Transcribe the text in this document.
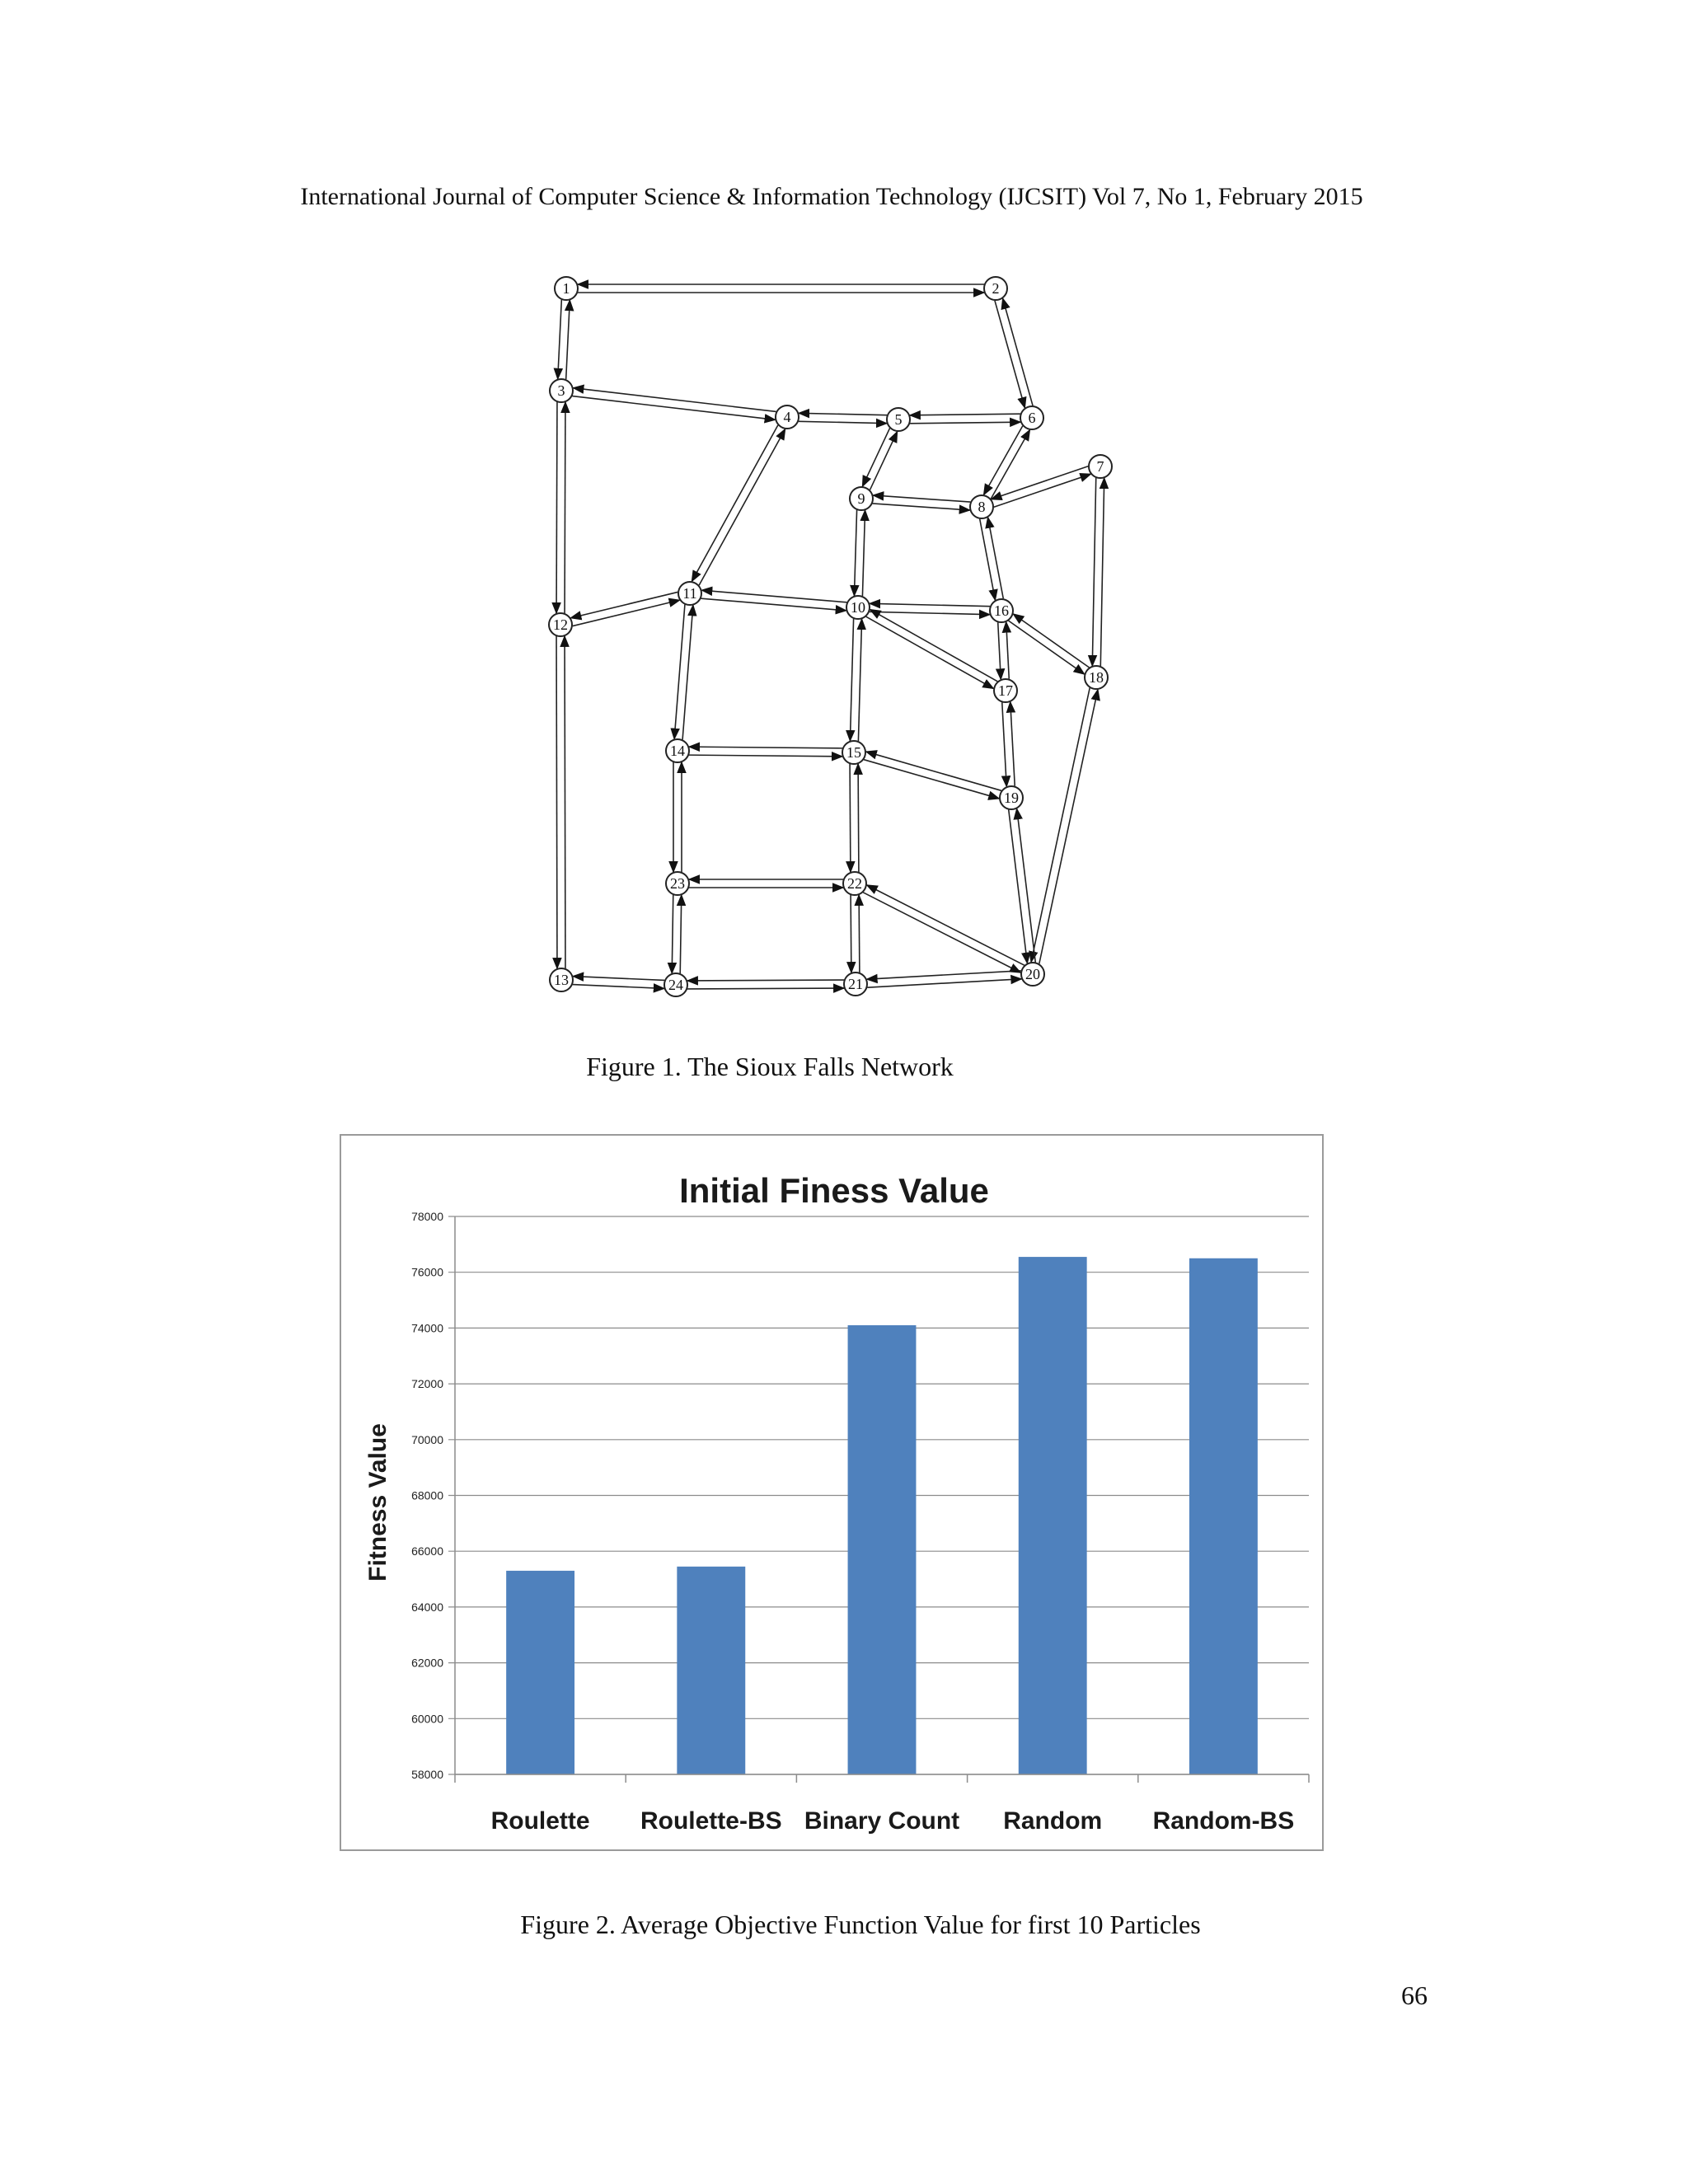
International Journal of Computer Science & Information Technology (IJCSIT) Vol 7, No 1, February 2015
1	2
3
4	5	6
7
8
9
10
11
12
13
14	15
16
17
18
19
20
21
22
23
24
Figure 1. The Sioux Falls Network
Initial Finess Value
58000
60000
62000
64000
66000
68000
70000
72000
74000
76000
78000
Roulette Roulette-BS Binary Count Random Random-BS
Fitness Value
Figure 2. Average Objective Function Value for first 10 Particles
66
